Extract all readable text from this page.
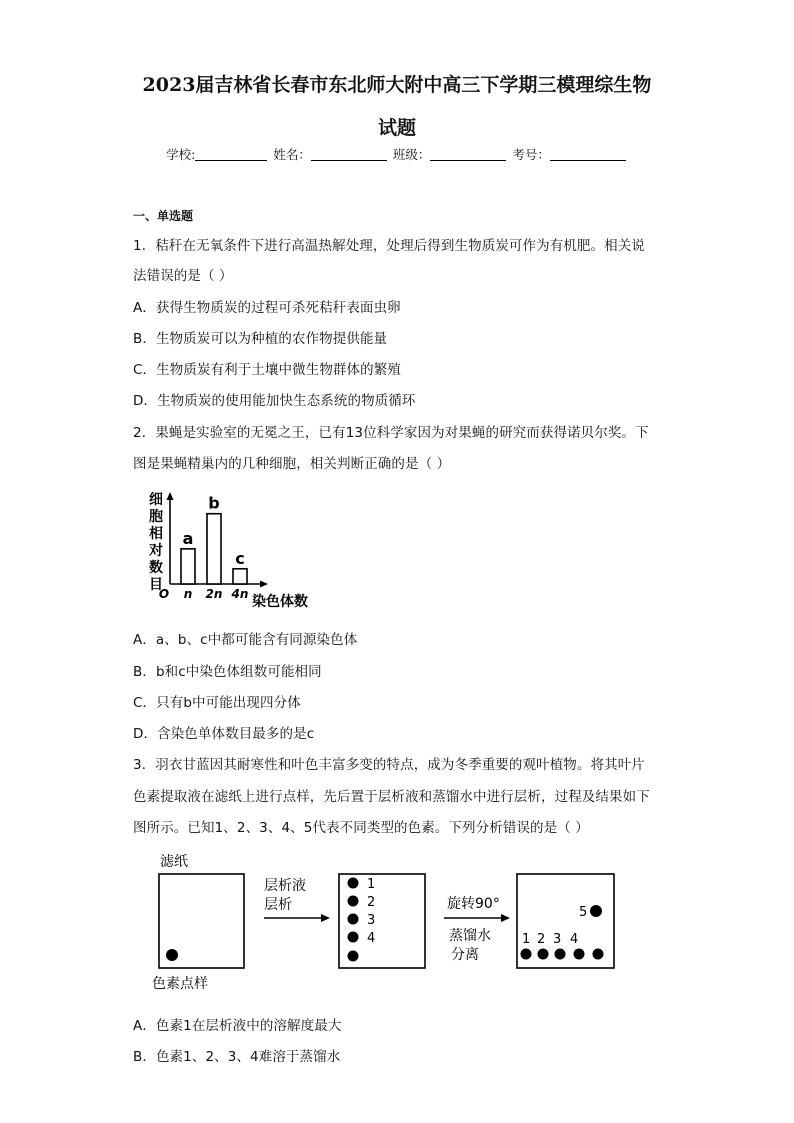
2023届吉林省长春市东北师大附中高三下学期三模理综生物
试题
学校:	姓名：	班级：	考号：
一、单选题
1．秸秆在无氧条件下进行高温热解处理，处理后得到生物质炭可作为有机肥。相关说
法错误的是（ ）
A．获得生物质炭的过程可杀死秸秆表面虫卵
B．生物质炭可以为种植的农作物提供能量
C．生物质炭有利于土壤中微生物群体的繁殖
D．生物质炭的使用能加快生态系统的物质循环
2．果蝇是实验室的无冕之王，已有13位科学家因为对果蝇的研究而获得诺贝尔奖。下
图是果蝇精巢内的几种细胞，相关判断正确的是（ ）
细
胞
相
对
数
目
O	染色体数
a
n
b
2n
c
4n
A．a、b、c中都可能含有同源染色体
B．b和c中染色体组数可能相同
C．只有b中可能出现四分体
D．含染色单体数目最多的是c
3．羽衣甘蓝因其耐寒性和叶色丰富多变的特点，成为冬季重要的观叶植物。将其叶片
色素提取液在滤纸上进行点样，先后置于层析液和蒸馏水中进行层析，过程及结果如下
图所示。已知1、2、3、4、5代表不同类型的色素。下列分析错误的是（ ）
滤纸
色素点样
层析液
层析
1
2
3
4
旋转90°
蒸馏水
分离
5
1 2 3 4
A．色素1在层析液中的溶解度最大
B．色素1、2、3、4难溶于蒸馏水
